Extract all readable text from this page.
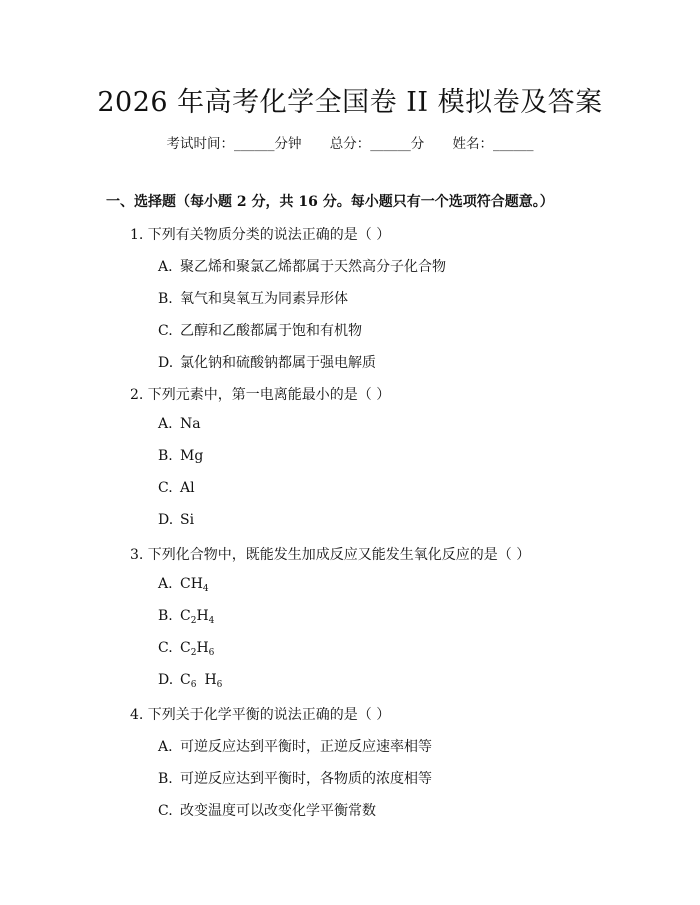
2026 年高考化学全国卷 II 模拟卷及答案
考试时间：______分钟 总分：______分 姓名：______
一、选择题（每小题 2 分，共 16 分。每小题只有一个选项符合题意。）
1. 下列有关物质分类的说法正确的是（ ）
A. 聚乙烯和聚氯乙烯都属于天然高分子化合物
B. 氧气和臭氧互为同素异形体
C. 乙醇和乙酸都属于饱和有机物
D. 氯化钠和硫酸钠都属于强电解质
2. 下列元素中，第一电离能最小的是（ ）
A. Na
B. Mg
C. Al
D. Si
3. 下列化合物中，既能发生加成反应又能发生氧化反应的是（ ）
A. $CH_4$
B. $C_2H_4$
C. $C_2H_6$
D. $C_6$ $H_6$
4. 下列关于化学平衡的说法正确的是（ ）
A. 可逆反应达到平衡时，正逆反应速率相等
B. 可逆反应达到平衡时，各物质的浓度相等
C. 改变温度可以改变化学平衡常数
